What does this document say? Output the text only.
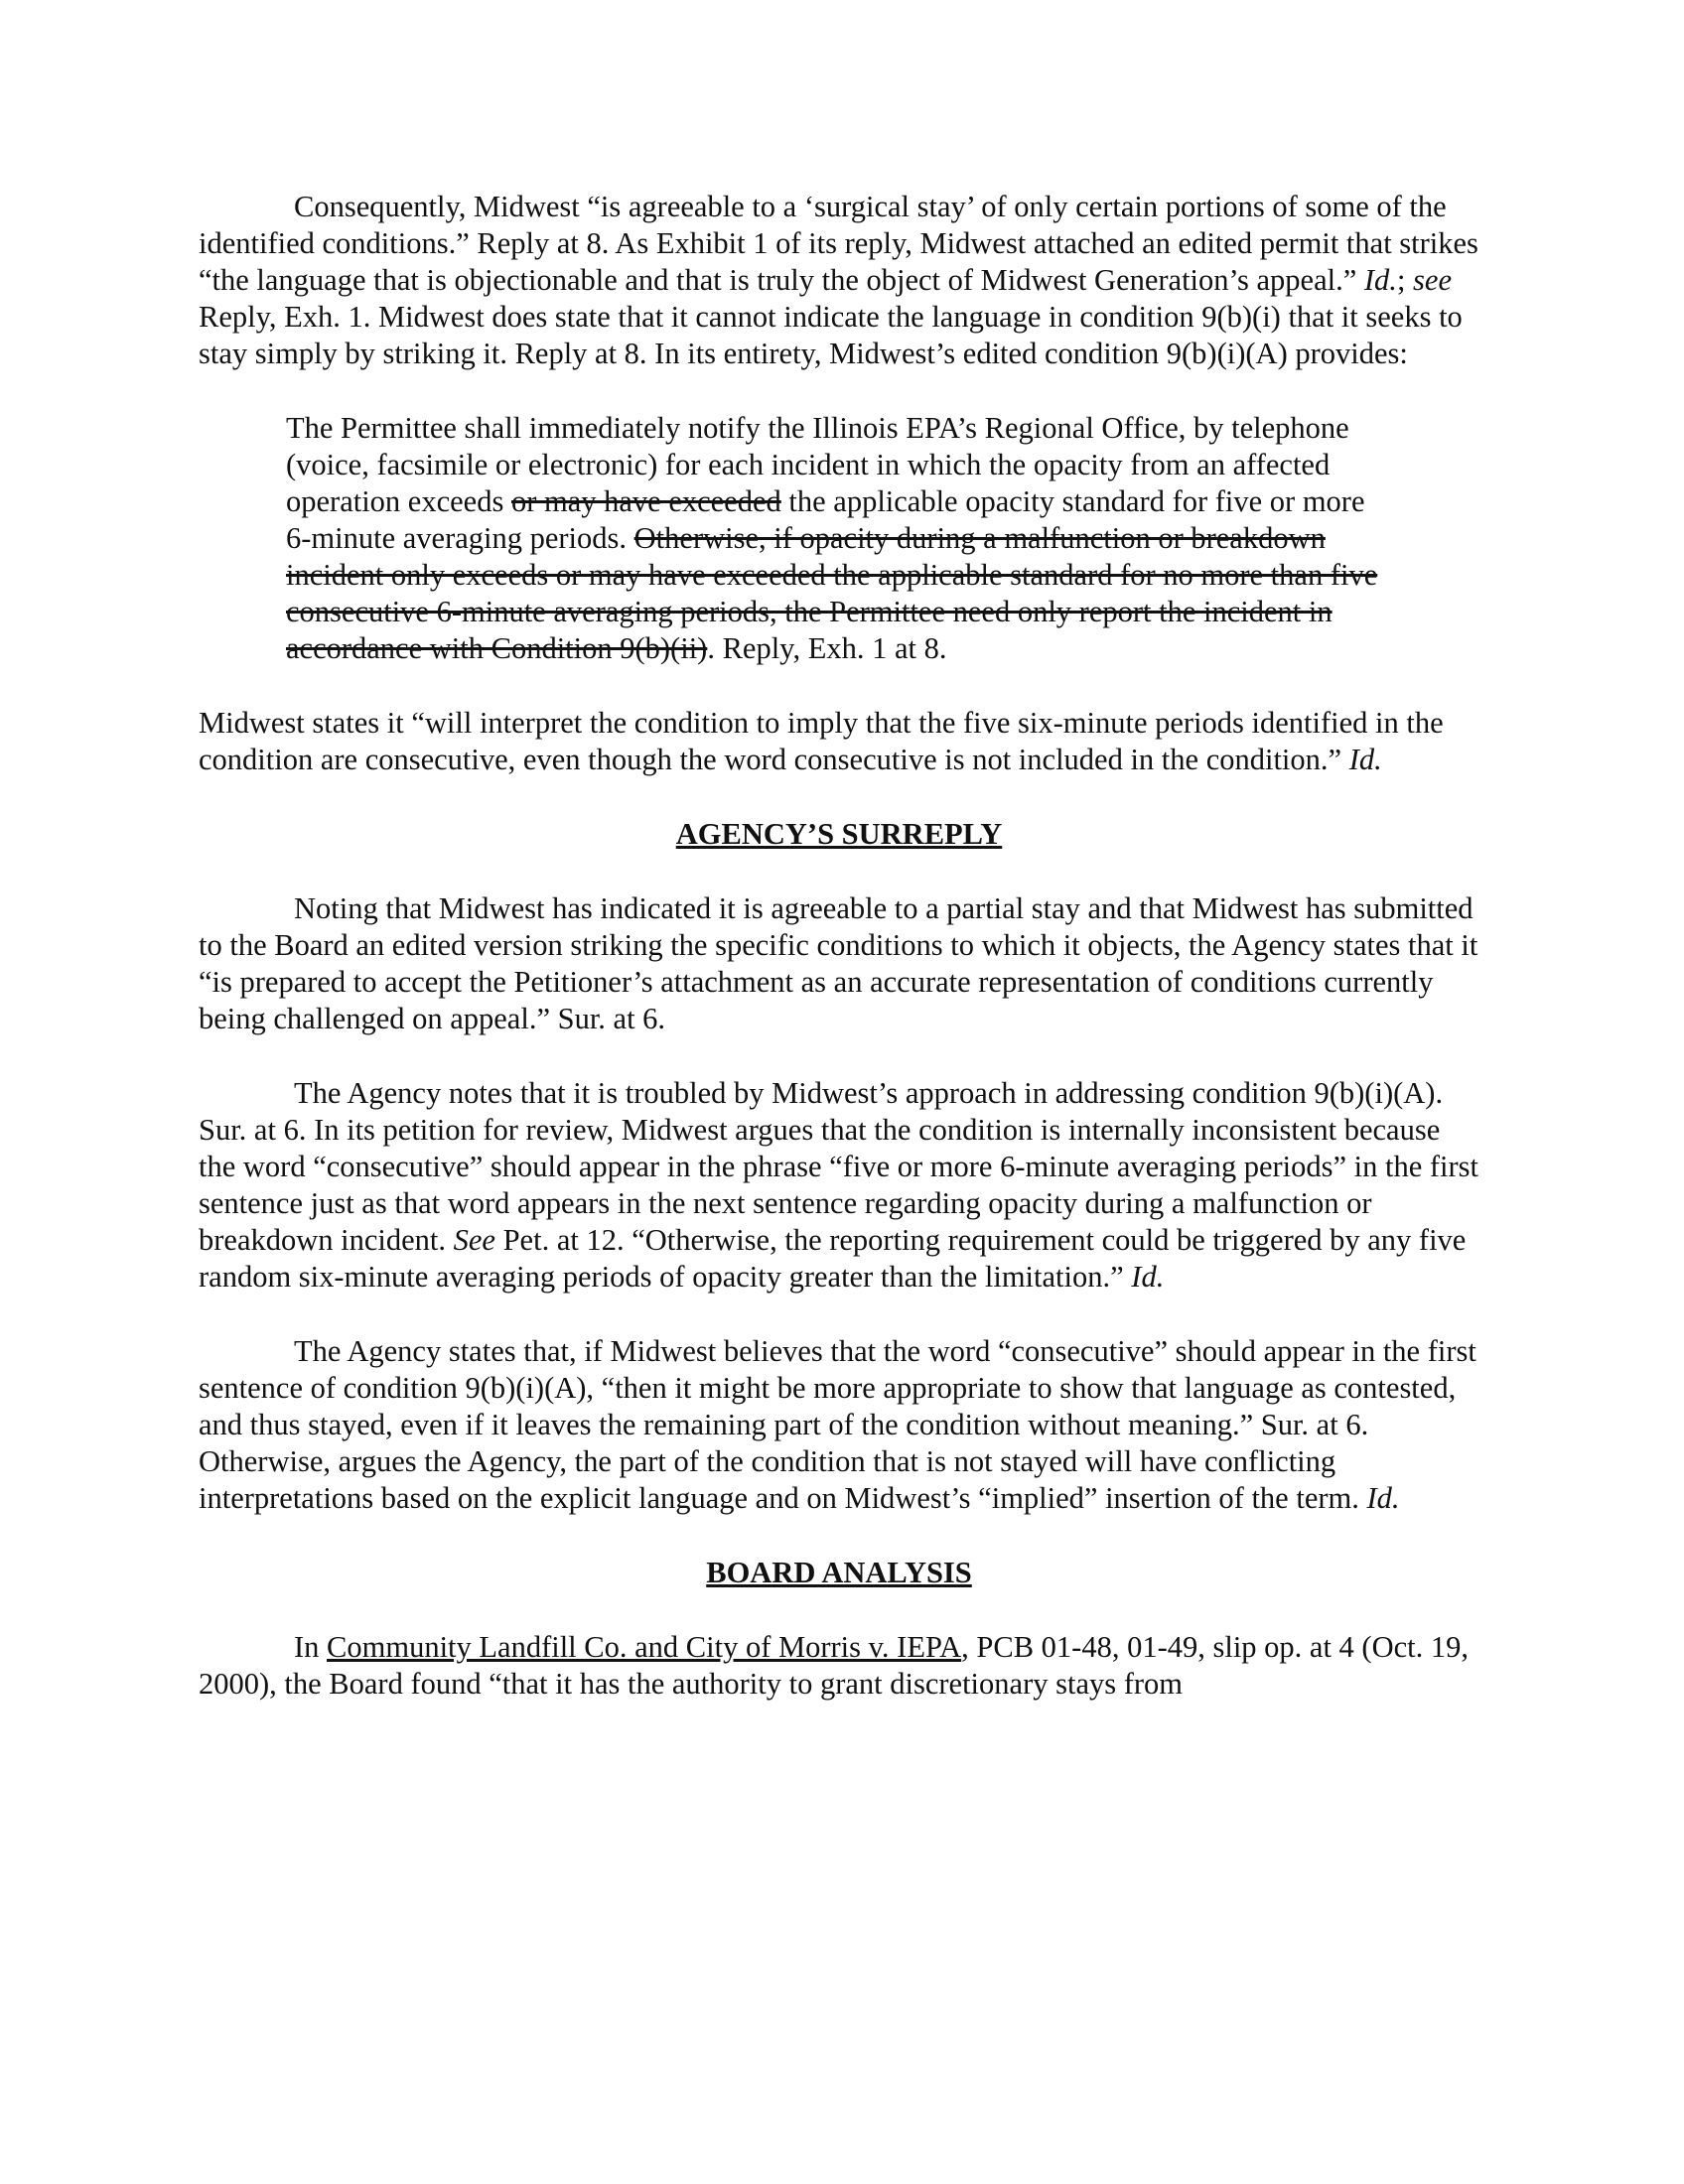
Consequently, Midwest “is agreeable to a ‘surgical stay’ of only certain portions of some of the identified conditions.” Reply at 8. As Exhibit 1 of its reply, Midwest attached an edited permit that strikes “the language that is objectionable and that is truly the object of Midwest Generation’s appeal.” Id.; see Reply, Exh. 1. Midwest does state that it cannot indicate the language in condition 9(b)(i) that it seeks to stay simply by striking it. Reply at 8. In its entirety, Midwest’s edited condition 9(b)(i)(A) provides:

The Permittee shall immediately notify the Illinois EPA’s Regional Office, by telephone (voice, facsimile or electronic) for each incident in which the opacity from an affected operation exceeds or may have exceeded the applicable opacity standard for five or more 6-minute averaging periods. Otherwise, if opacity during a malfunction or breakdown incident only exceeds or may have exceeded the applicable standard for no more than five consecutive 6-minute averaging periods, the Permittee need only report the incident in accordance with Condition 9(b)(ii). Reply, Exh. 1 at 8.

Midwest states it “will interpret the condition to imply that the five six-minute periods identified in the condition are consecutive, even though the word consecutive is not included in the condition.” Id.

AGENCY’S SURREPLY

Noting that Midwest has indicated it is agreeable to a partial stay and that Midwest has submitted to the Board an edited version striking the specific conditions to which it objects, the Agency states that it “is prepared to accept the Petitioner’s attachment as an accurate representation of conditions currently being challenged on appeal.” Sur. at 6.

The Agency notes that it is troubled by Midwest’s approach in addressing condition 9(b)(i)(A). Sur. at 6. In its petition for review, Midwest argues that the condition is internally inconsistent because the word “consecutive” should appear in the phrase “five or more 6-minute averaging periods” in the first sentence just as that word appears in the next sentence regarding opacity during a malfunction or breakdown incident. See Pet. at 12. “Otherwise, the reporting requirement could be triggered by any five random six-minute averaging periods of opacity greater than the limitation.” Id.

The Agency states that, if Midwest believes that the word “consecutive” should appear in the first sentence of condition 9(b)(i)(A), “then it might be more appropriate to show that language as contested, and thus stayed, even if it leaves the remaining part of the condition without meaning.” Sur. at 6. Otherwise, argues the Agency, the part of the condition that is not stayed will have conflicting interpretations based on the explicit language and on Midwest’s “implied” insertion of the term. Id.

BOARD ANALYSIS

In Community Landfill Co. and City of Morris v. IEPA, PCB 01-48, 01-49, slip op. at 4 (Oct. 19, 2000), the Board found “that it has the authority to grant discretionary stays from
